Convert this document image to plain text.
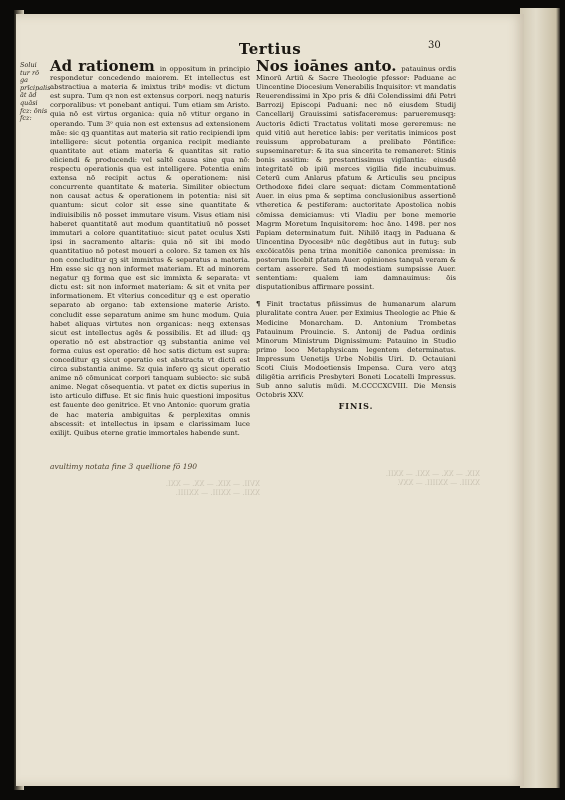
Tertius	30
Solui tur rō ga prīcipalis āt ād quāsi fcz: ōnis fcz:
Ad rationem in oppositum in principio respondetur concedendo maiorem. Et intellectus est abstractiua a materia & imixtus tribꝰ modis: vt dictum est supra. Tum qꝛ non est extensus corpori. neqꝫ naturis corporalibus: vt ponebant antiqui. Tum etiam sm Aristo. quia nō est virtus organica: quia nō vtitur organo in operando. Tum 3ᵒ quia non est extensus ad extensionem māe: sic qꝫ quantitas aut materia sit ratio recipiendi ipm intelligere: sicut potentia organica recipit mediante quantitate aut etiam materia & quantitas sit ratio eliciendi & producendi: vel saltē causa sine qua nō: respectu operationis qua est intelligere. Potentia enim extensa nō recipit actus & operationem: nisi concurrente quantitate & materia. Similiter obiectum non causat actus & operationem in potentia: nisi sit quantum: sicut color sit esse sine quantitate & indiuisibilis nō posset immutare visum. Visus etiam nisi haberet quantitatē aut modum quantitatiuū nō posset immutari a colore quantitatiuo: sicut patet oculus Xsti ipsi in sacramento altaris: quia nō sit ibi modo quantitatiuo nō potest moueri a colore. Sz tamen ex hīs non concluditur qꝫ sit immixtus & separatus a materia. Hm esse sic qꝫ non informet materiam. Et ad minorem negatur qꝫ forma que est sic immixta & separata: vt dictu est: sit non informet materiam: & sit et vnita per informationem. Et vlterius conceditur qꝫ e est operatio separato ab organo: tab extensione materie Aristo. concludit esse separatum anime sm hunc modum. Quia habet aliquas virtutes non organicas: neqꝫ extensas sicut est intellectus agēs & possibilis. Et ad illud: qꝫ operatio nō est abstractior qꝫ substantia anime vel forma cuius est operatio: dē hoc satis dictum est supra: conceditur qꝫ sicut operatio est abstracta vt dictū est circa substantia anime. Sz quia infero qꝫ sicut operatio anime nō cōmunicat corpori tanquam subiecto: sic subā anime. Negat cōsequentia. vt patet ex dictis superius in isto articulo diffuse. Et sic finis huic questioni impositus est fauente deo genitrice. Et vno Antonio: quorum gratia de hac materia ambiguitas & perplexitas omnis abscessit: et intellectus in ipsam e clarissimam luce exilijt. Quibus eterne gratie immortales habende sunt.
avultimy notata fine 3 quellione fō 190
Nos ioānes anto. patauinus ordis Minorū Artiū & Sacre Theologie pfessor: Paduane ac Uincentine Diocesium Venerabilis Inquisitor: vt mandatis Reuerendissimi in Xpo pris & dñi Colendissimi dñi Petri Barrozij Episcopi Paduani: nec nō eiusdem Studij Cancellarij Grauissimi satisfaceremus: parueremusqꝫ: Auctoris ēdicti Tractatus volitati mose gereremus: ne quid vitiū aut heretice labis: per veritatis inimicos post reuissum approbaturam a prelibato Pōntifice: supseminaretur: & ita sua sincerita te remaneret: Stinis bonis assitim: & prestantissimus vigilantia: eiusdē integritatē ob ipiū merces vigilia fide incubuimus. Ceterū cum Anlarus pfatum & Articulis seu pncipus Orthodoxe fidei clare sequat: dictam Commentationē Auer. in eius pma & septima conclusionibus assertionē vtheretica & pestiferam: auctoritate Apostolica nobis cōmissa demiciamus: vti Vladiu per bone memorie Magrm Moretum Inquisitorem: hoc āno. 1498. per nos Papiam determinatum fuit. Nihilō itaqꝫ in Paduana & Uincentina Dyocesibꝰ nūc degētibus aut in futuꝫ: sub excōicatōis pena trina monitiōe canonica premissa: in posterum licebit pfatam Auer. opiniones tanquā veram & certam asserere. Sed tñ modestiam sumpsisse Auer. sententiam: qualem iam damnauimus: ōis disputationibus affirmare possint.
¶ Finit tractatus pñissimus de humanarum alarum pluralitate contra Auer. per Eximius Theologie ac Phie & Medicine Monarcham. D. Antonium Trombetas Patauinum Prouincie. S. Antonij de Padua ordinis Minorum Ministrum Dignissimum: Patauino in Studio primo loco Metaphysicam legentem determinatus. Impressum Uenetijs Urbe Nobilis Uiri. D. Octauiani Scoti Ciuis Modoetiensis Impensa. Cura vero atqꝫ diligētia arrificis Presbyteri Boneti Locatelli Impressus. Sub anno salutis mūdi. M.CCCCXCVIII. Die Mensis Octobris XXV.
FINIS.
XVII. — XIX. — XX. — XXI.
XXII. — XXIII. — XXIIII.
XIX. — XX. — XXI. — XXII.
XXIII. — XXIIII. — XXV.
